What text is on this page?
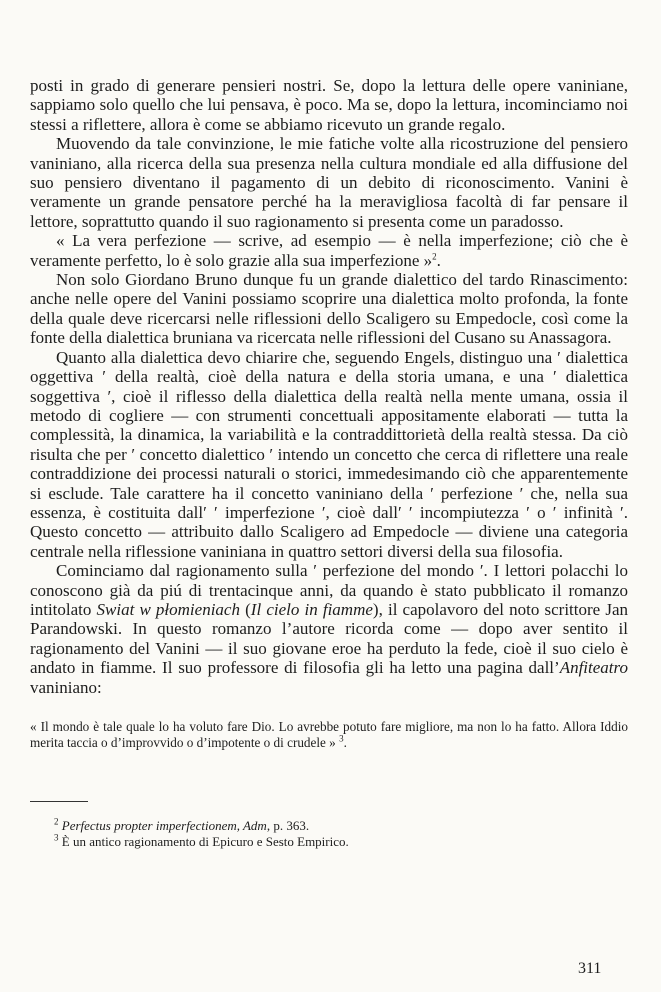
posti in grado di generare pensieri nostri. Se, dopo la lettura delle opere vaniniane, sappiamo solo quello che lui pensava, è poco. Ma se, dopo la lettura, incominciamo noi stessi a riflettere, allora è come se abbiamo ricevuto un grande regalo.

Muovendo da tale convinzione, le mie fatiche volte alla ricostruzione del pensiero vaniniano, alla ricerca della sua presenza nella cultura mondiale ed alla diffusione del suo pensiero diventano il pagamento di un debito di riconoscimento. Vanini è veramente un grande pensatore perché ha la meravigliosa facoltà di far pensare il lettore, soprattutto quando il suo ragionamento si presenta come un paradosso.

« La vera perfezione — scrive, ad esempio — è nella imperfezione; ciò che è veramente perfetto, lo è solo grazie alla sua imperfezione »$^2$.

Non solo Giordano Bruno dunque fu un grande dialettico del tardo Rinascimento: anche nelle opere del Vanini possiamo scoprire una dialettica molto profonda, la fonte della quale deve ricercarsi nelle riflessioni dello Scaligero su Empedocle, così come la fonte della dialettica bruniana va ricercata nelle riflessioni del Cusano su Anassagora.

Quanto alla dialettica devo chiarire che, seguendo Engels, distinguo una ′ dialettica oggettiva ′ della realtà, cioè della natura e della storia umana, e una ′ dialettica soggettiva ′, cioè il riflesso della dialettica della realtà nella mente umana, ossia il metodo di cogliere — con strumenti concettuali appositamente elaborati — tutta la complessità, la dinamica, la variabilità e la contraddittorietà della realtà stessa. Da ciò risulta che per ′ concetto dialettico ′ intendo un concetto che cerca di riflettere una reale contraddizione dei processi naturali o storici, immedesimando ciò che apparentemente si esclude. Tale carattere ha il concetto vaniniano della ′ perfezione ′ che, nella sua essenza, è costituita dall′ ′ imperfezione ′, cioè dall′ ′ incompiutezza ′ o ′ infinità ′. Questo concetto — attribuito dallo Scaligero ad Empedocle — diviene una categoria centrale nella riflessione vaniniana in quattro settori diversi della sua filosofia.

Cominciamo dal ragionamento sulla ′ perfezione del mondo ′. I lettori polacchi lo conoscono già da piú di trentacinque anni, da quando è stato pubblicato il romanzo intitolato Swiat w płomieniach (Il cielo in fiamme), il capolavoro del noto scrittore Jan Parandowski. In questo romanzo l’autore ricorda come — dopo aver sentito il ragionamento del Vanini — il suo giovane eroe ha perduto la fede, cioè il suo cielo è andato in fiamme. Il suo professore di filosofia gli ha letto una pagina dall’Anfiteatro vaniniano:

« Il mondo è tale quale lo ha voluto fare Dio. Lo avrebbe potuto fare migliore, ma non lo ha fatto. Allora Iddio merita taccia o d’improvvido o d’impotente o di crudele » $^3$.

$^2$ Perfectus propter imperfectionem, Adm, p. 363.

$^3$ È un antico ragionamento di Epicuro e Sesto Empirico.

311
